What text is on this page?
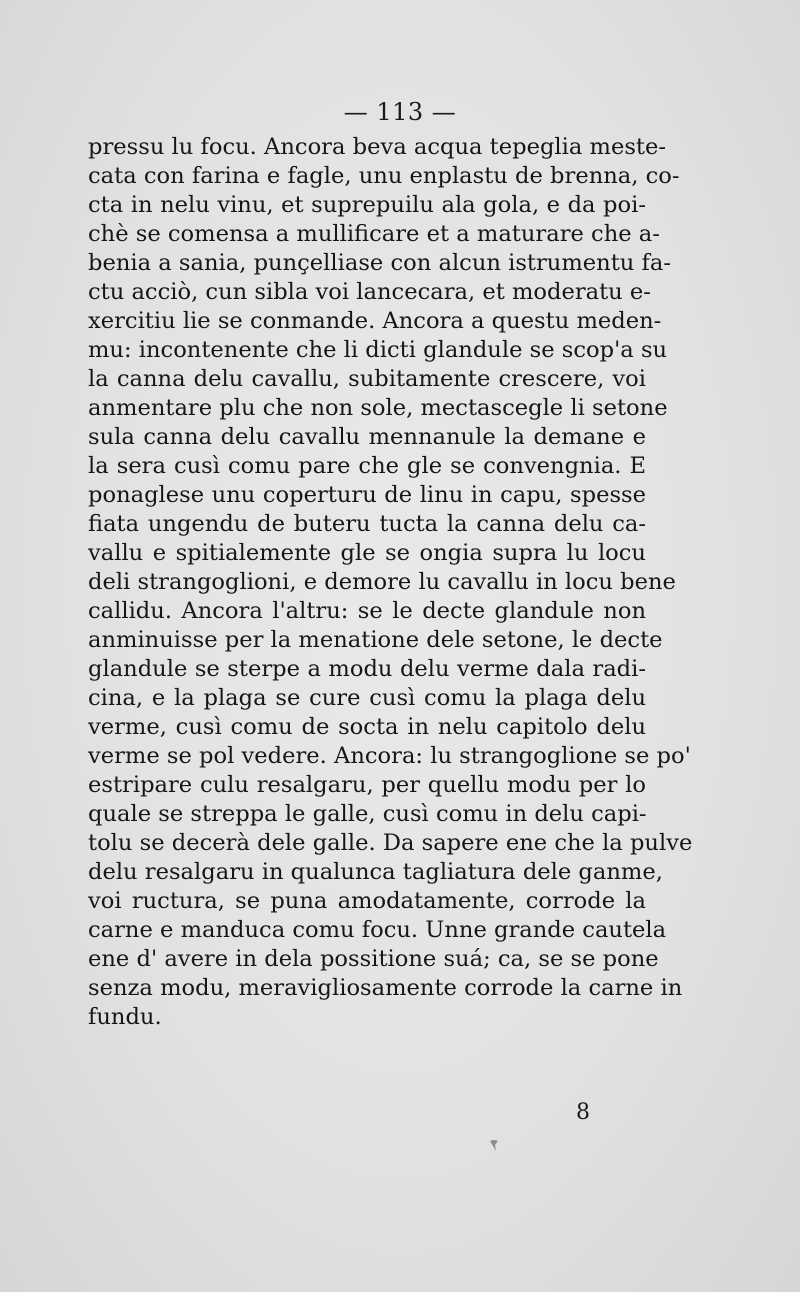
— 113 —
pressu lu focu. Ancora beva acqua tepeglia meste-
cata con farina e fagle, unu enplastu de brenna, co-
cta in nelu vinu, et suprepuilu ala gola, e da poi-
chè se comensa a mullificare et a maturare che a-
benia a sania, punçelliase con alcun istrumentu fa-
ctu acciò, cun sibla voi lancecara, et moderatu e-
xercitiu lie se conmande. Ancora a questu meden-
mu: incontenente che li dicti glandule se scop'a su
la canna delu cavallu, subitamente crescere, voi
anmentare plu che non sole, mectascegle li setone
sula canna delu cavallu mennanule la demane e
la sera cusì comu pare che gle se convengnia. E
ponaglese unu coperturu de linu in capu, spesse
fiata ungendu de buteru tucta la canna delu ca-
vallu e spitialemente gle se ongia supra lu locu
deli strangoglioni, e demore lu cavallu in locu bene
callidu. Ancora l'altru: se le decte glandule non
anminuisse per la menatione dele setone, le decte
glandule se sterpe a modu delu verme dala radi-
cina, e la plaga se cure cusì comu la plaga delu
verme, cusì comu de socta in nelu capitolo delu
verme se pol vedere. Ancora: lu strangoglione se po'
estripare culu resalgaru, per quellu modu per lo
quale se streppa le galle, cusì comu in delu capi-
tolu se decerà dele galle. Da sapere ene che la pulve
delu resalgaru in qualunca tagliatura dele ganme,
voi ructura, se puna amodatamente, corrode la
carne e manduca comu focu. Unne grande cautela
ene d' avere in dela possitione suá; ca, se se pone
senza modu, meravigliosamente corrode la carne in
fundu.
8
